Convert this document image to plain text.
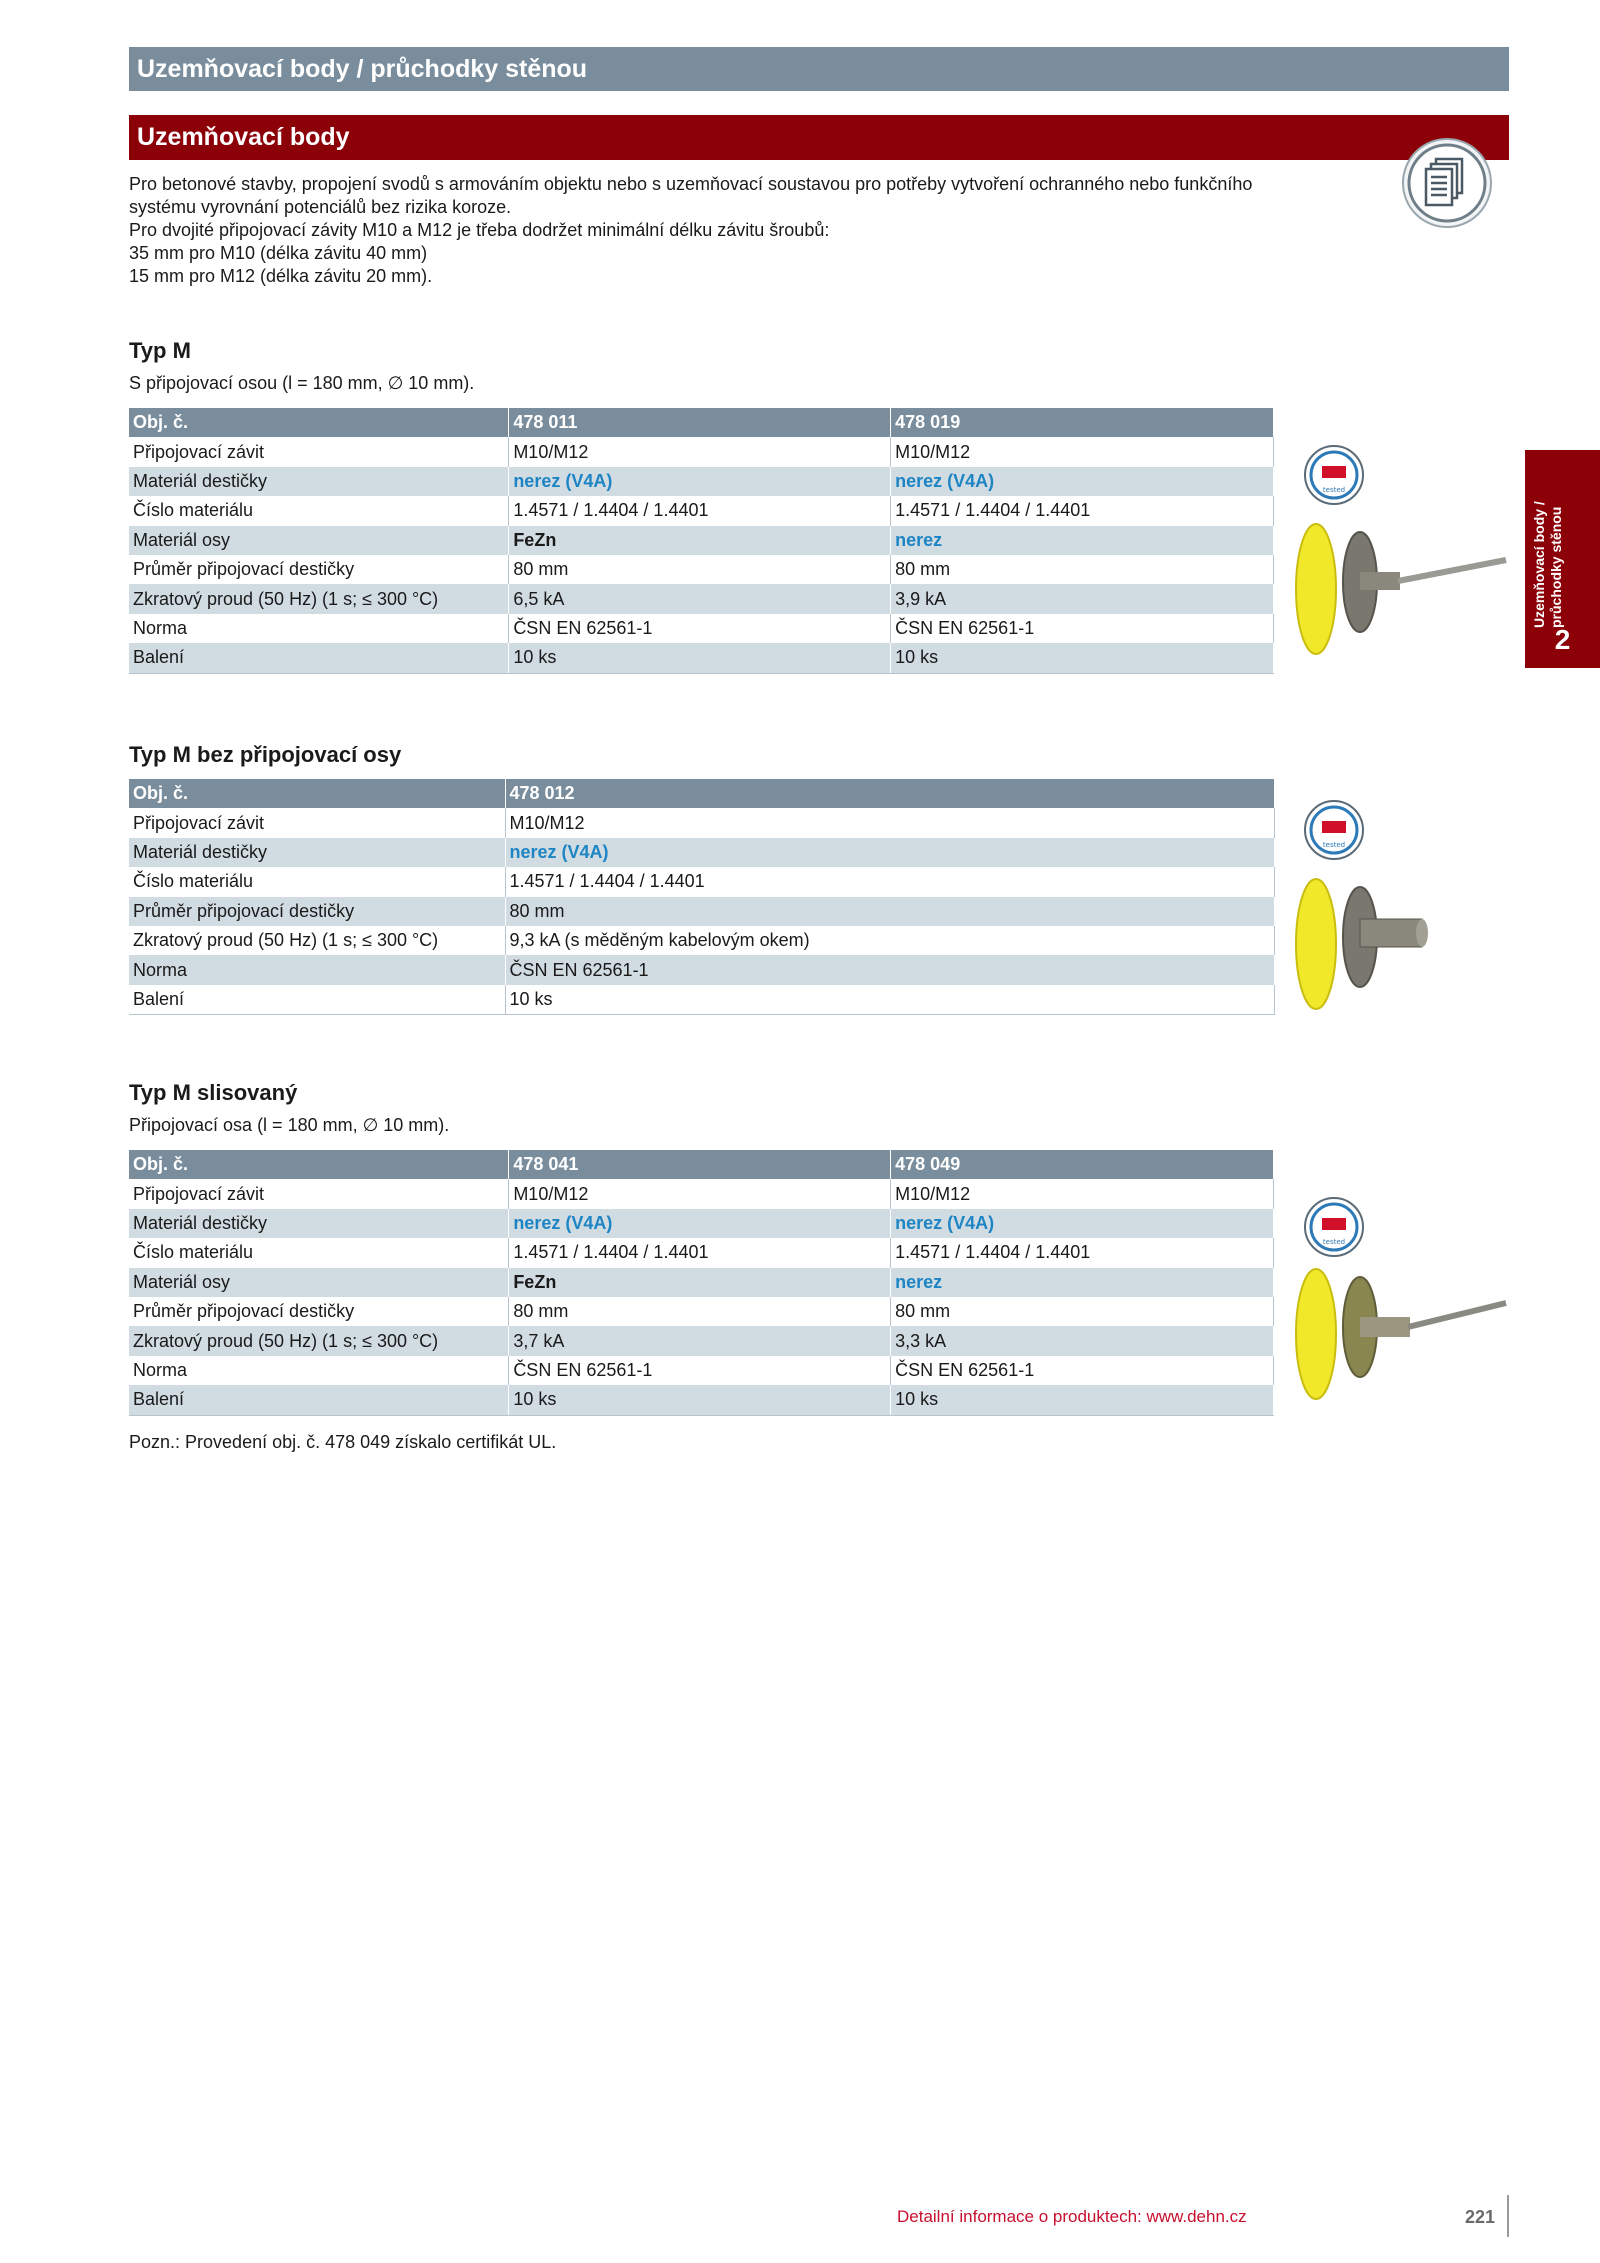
Uzemňovací body / průchodky stěnou
Uzemňovací body
Pro betonové stavby, propojení svodů s armováním objektu nebo s uzemňovací soustavou pro potřeby vytvoření ochranného nebo funkčního
systému vyrovnání potenciálů bez rizika koroze.
Pro dvojité připojovací závity M10 a M12 je třeba dodržet minimální délku závitu šroubů:
35 mm pro M10 (délka závitu 40 mm)
15 mm pro M12 (délka závitu 20 mm).
Uzemňovací body / průchodky stěnou
2
Typ M
S připojovací osou (l = 180 mm, ∅ 10 mm).
Obj. č.	478 011	478 019
Připojovací závit	M10/M12	M10/M12
Materiál destičky	nerez (V4A)	nerez (V4A)
Číslo materiálu	1.4571 / 1.4404 / 1.4401	1.4571 / 1.4404 / 1.4401
Materiál osy	FeZn	nerez
Průměr připojovací destičky	80 mm	80 mm
Zkratový proud (50 Hz) (1 s; ≤ 300 °C)	6,5 kA	3,9 kA
Norma	ČSN EN 62561-1	ČSN EN 62561-1
Balení	10 ks	10 ks
tested
Typ M bez připojovací osy
Obj. č.	478 012
Připojovací závit	M10/M12
Materiál destičky	nerez (V4A)
Číslo materiálu	1.4571 / 1.4404 / 1.4401
Průměr připojovací destičky	80 mm
Zkratový proud (50 Hz) (1 s; ≤ 300 °C)	9,3 kA (s měděným kabelovým okem)
Norma	ČSN EN 62561-1
Balení	10 ks
tested
Typ M slisovaný
Připojovací osa (l = 180 mm, ∅ 10 mm).
Obj. č.	478 041	478 049
Připojovací závit	M10/M12	M10/M12
Materiál destičky	nerez (V4A)	nerez (V4A)
Číslo materiálu	1.4571 / 1.4404 / 1.4401	1.4571 / 1.4404 / 1.4401
Materiál osy	FeZn	nerez
Průměr připojovací destičky	80 mm	80 mm
Zkratový proud (50 Hz) (1 s; ≤ 300 °C)	3,7 kA	3,3 kA
Norma	ČSN EN 62561-1	ČSN EN 62561-1
Balení	10 ks	10 ks
tested
Pozn.: Provedení obj. č. 478 049 získalo certifikát UL.
Detailní informace o produktech: www.dehn.cz	221
